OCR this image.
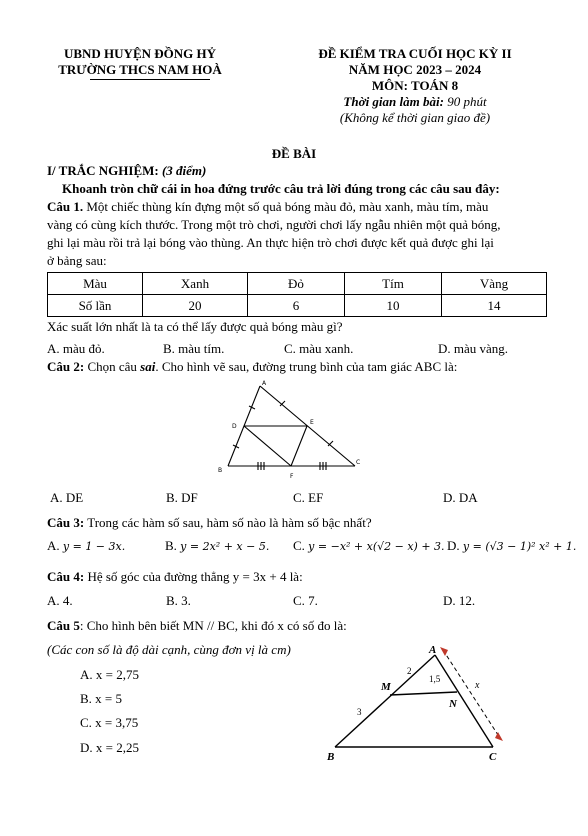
UBND HUYỆN ĐỒNG HỶ
TRƯỜNG THCS NAM HOÀ
ĐỀ KIỂM TRA CUỐI HỌC KỲ II
NĂM HỌC 2023 – 2024
MÔN: TOÁN 8
Thời gian làm bài: 90 phút
(Không kể thời gian giao đề)
ĐỀ BÀI
I/ TRẮC NGHIỆM: (3 điểm)
Khoanh tròn chữ cái in hoa đứng trước câu trả lời đúng trong các câu sau đây:
Câu 1. Một chiếc thùng kín đựng một số quả bóng màu đỏ, màu xanh, màu tím, màu
vàng có cùng kích thước. Trong một trò chơi, người chơi lấy ngẫu nhiên một quả bóng,
ghi lại màu rồi trả lại bóng vào thùng. An thực hiện trò chơi được kết quả được ghi lại
ở bảng sau:
Màu	Xanh	Đỏ	Tím	Vàng
Số lần	20	6	10	14
Xác suất lớn nhất là ta có thể lấy được quả bóng màu gì?
A. màu đỏ.	B. màu tím.	C. màu xanh.	D. màu vàng.
Câu 2: Chọn câu sai. Cho hình vẽ sau, đường trung bình của tam giác ABC là:
A
D
E
B
C
F
A. DE	B. DF	C. EF	D. DA
Câu 3: Trong các hàm số sau, hàm số nào là hàm số bậc nhất?
A. y = 1 − 3x.	B. y = 2x² + x − 5. C. y = −x² + x(√2 − x) + 3. D. y = (√3 − 1)² x² + 1.
Câu 4: Hệ số góc của đường thẳng y = 3x + 4 là:
A. 4.	B. 3.	C. 7.	D. 12.
Câu 5: Cho hình bên biết MN // BC, khi đó x có số đo là:
(Các con số là độ dài cạnh, cùng đơn vị là cm)
A. x = 2,75
B. x = 5
C. x = 3,75
D. x = 2,25
A
M
N
B	C
2
1,5
3
x
